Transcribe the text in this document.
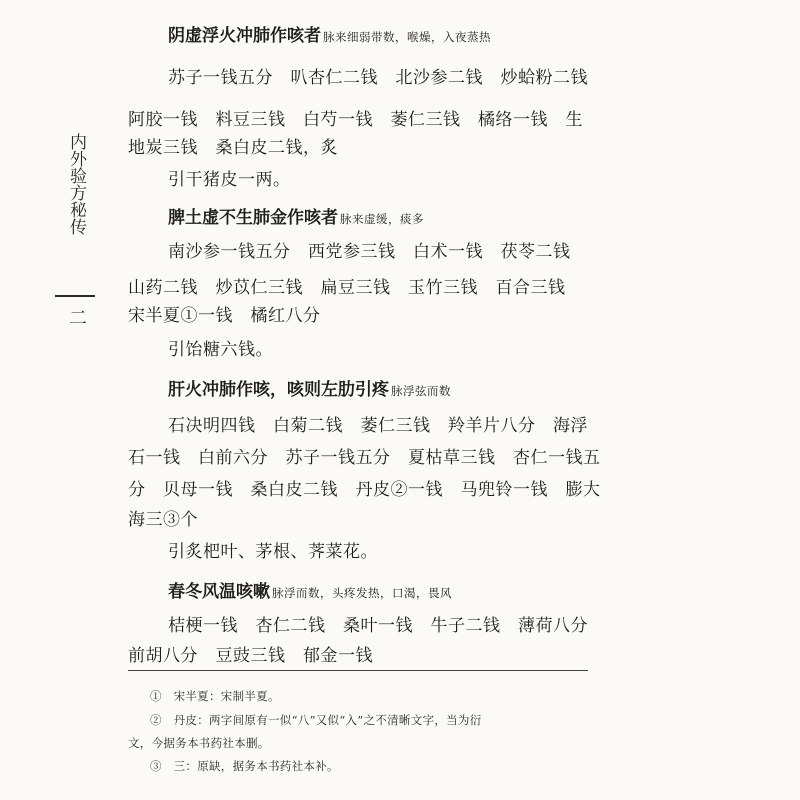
内外验方秘传
二
阴虚浮火冲肺作咳者 脉来细弱带数，喉燥，入夜蒸热
苏子一钱五分　叭杏仁二钱　北沙参二钱　炒蛤粉二钱
阿胶一钱　料豆三钱　白芍一钱　萎仁三钱　橘络一钱　生
地炭三钱　桑白皮二钱，炙
引干猪皮一两。
脾土虚不生肺金作咳者 脉来虚缓，痰多
南沙参一钱五分　西党参三钱　白术一钱　茯苓二钱
山药二钱　炒苡仁三钱　扁豆三钱　玉竹三钱　百合三钱
宋半夏①一钱　橘红八分
引饴糖六钱。
肝火冲肺作咳，咳则左肋引疼 脉浮弦而数
石决明四钱　白菊二钱　萎仁三钱　羚羊片八分　海浮
石一钱　白前六分　苏子一钱五分　夏枯草三钱　杏仁一钱五
分　贝母一钱　桑白皮二钱　丹皮②一钱　马兜铃一钱　膨大
海三③个
引炙杷叶、茅根、荠菜花。
春冬风温咳嗽 脉浮而数，头疼发热，口渴，畏风
桔梗一钱　杏仁二钱　桑叶一钱　牛子二钱　薄荷八分
前胡八分　豆豉三钱　郁金一钱
①　宋半夏：宋制半夏。
②　丹皮：两字间原有一似“八”又似“入”之不清晰文字，当为衍
文，今据务本书药社本删。
③　三：原缺，据务本书药社本补。
